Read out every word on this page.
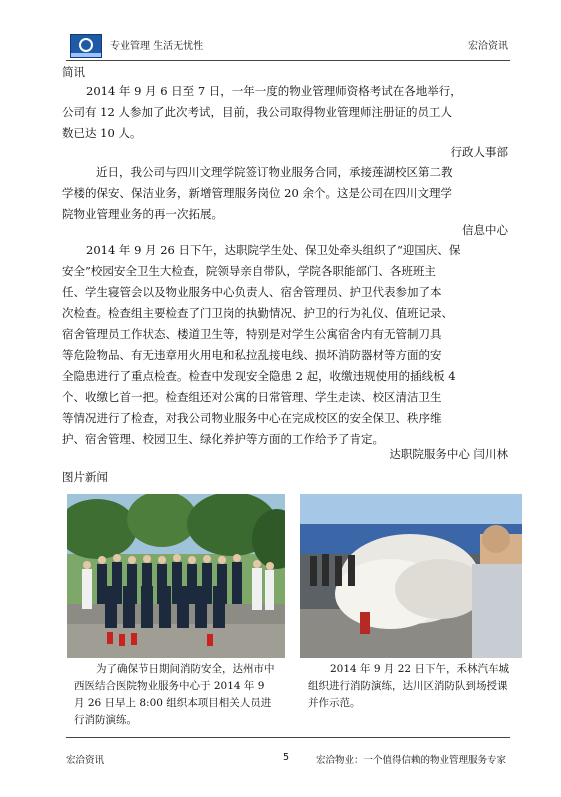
专业管理 生活无忧性	宏洽资讯
简讯
2014 年 9 月 6 日至 7 日，一年一度的物业管理师资格考试在各地举行，
公司有 12 人参加了此次考试，目前，我公司取得物业管理师注册证的员工人
数已达 10 人。
行政人事部
近日，我公司与四川文理学院签订物业服务合同，承接莲湖校区第二教
学楼的保安、保洁业务，新增管理服务岗位 20 余个。这是公司在四川文理学
院物业管理业务的再一次拓展。
信息中心
2014 年 9 月 26 日下午，达职院学生处、保卫处牵头组织了“迎国庆、保
安全”校园安全卫生大检查，院领导亲自带队，学院各职能部门、各班班主
任、学生寝管会以及物业服务中心负责人、宿舍管理员、护卫代表参加了本
次检查。检查组主要检查了门卫岗的执勤情况、护卫的行为礼仪、值班记录、
宿舍管理员工作状态、楼道卫生等，特别是对学生公寓宿舍内有无管制刀具
等危险物品、有无违章用火用电和私拉乱接电线、损坏消防器材等方面的安
全隐患进行了重点检查。检查中发现安全隐患 2 起，收缴违规使用的插线板 4
个、收缴匕首一把。检查组还对公寓的日常管理、学生走读、校区清洁卫生
等情况进行了检查，对我公司物业服务中心在完成校区的安全保卫、秩序维
护、宿舍管理、校园卫生、绿化养护等方面的工作给予了肯定。
达职院服务中心 闫川林
图片新闻
为了确保节日期间消防安全，达州市中西医结合医院物业服务中心于 2014 年 9 月 26 日早上 8:00 组织本项目相关人员进行消防演练。
2014 年 9 月 22 日下午，禾林汽车城组织进行消防演练，达川区消防队到场授课并作示范。
宏洽资讯	5	宏洽物业：一个值得信赖的物业管理服务专家
